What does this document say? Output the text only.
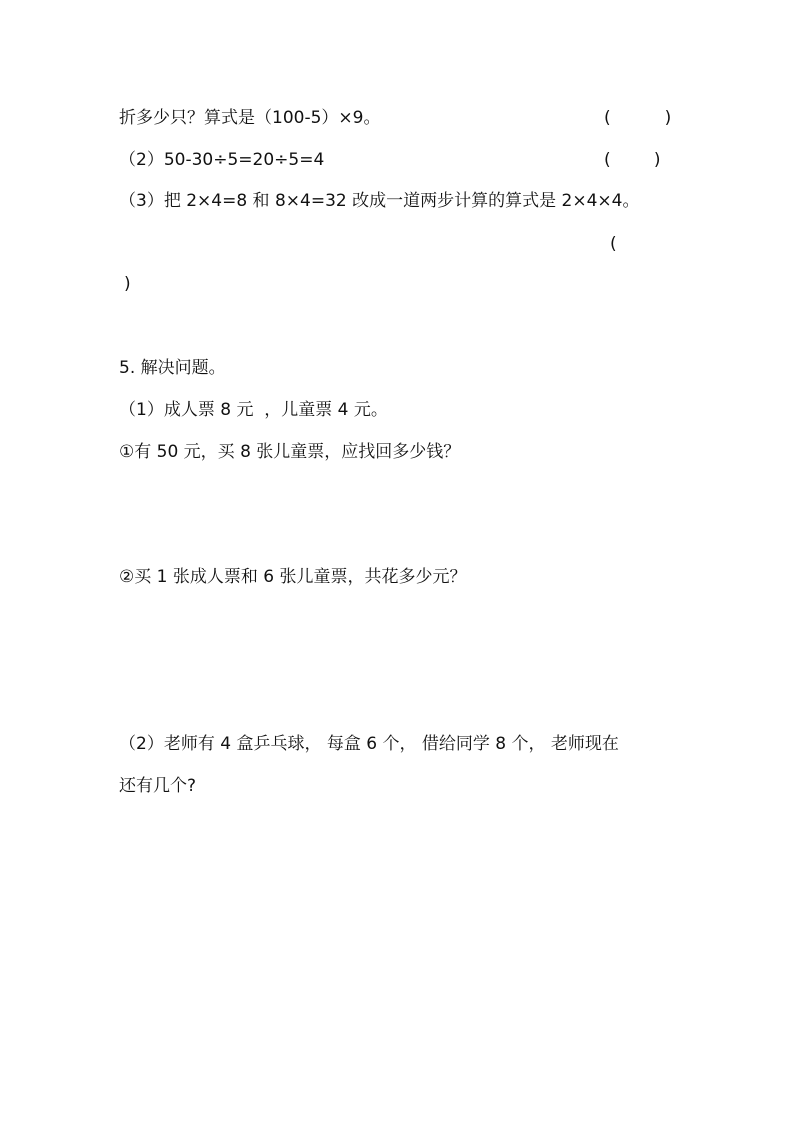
折多少只？算式是（100-5）×9。	(          )
（2）50-30÷5=20÷5=4	(        )
（3）把 2×4=8 和 8×4=32 改成一道两步计算的算式是 2×4×4。
(
)
5. 解决问题。
（1）成人票 8 元  ，儿童票 4 元。
①有 50 元，买 8 张儿童票，应找回多少钱？
②买 1 张成人票和 6 张儿童票，共花多少元？
（2）老师有 4 盒乒乓球， 每盒 6 个， 借给同学 8 个， 老师现在
还有几个?
